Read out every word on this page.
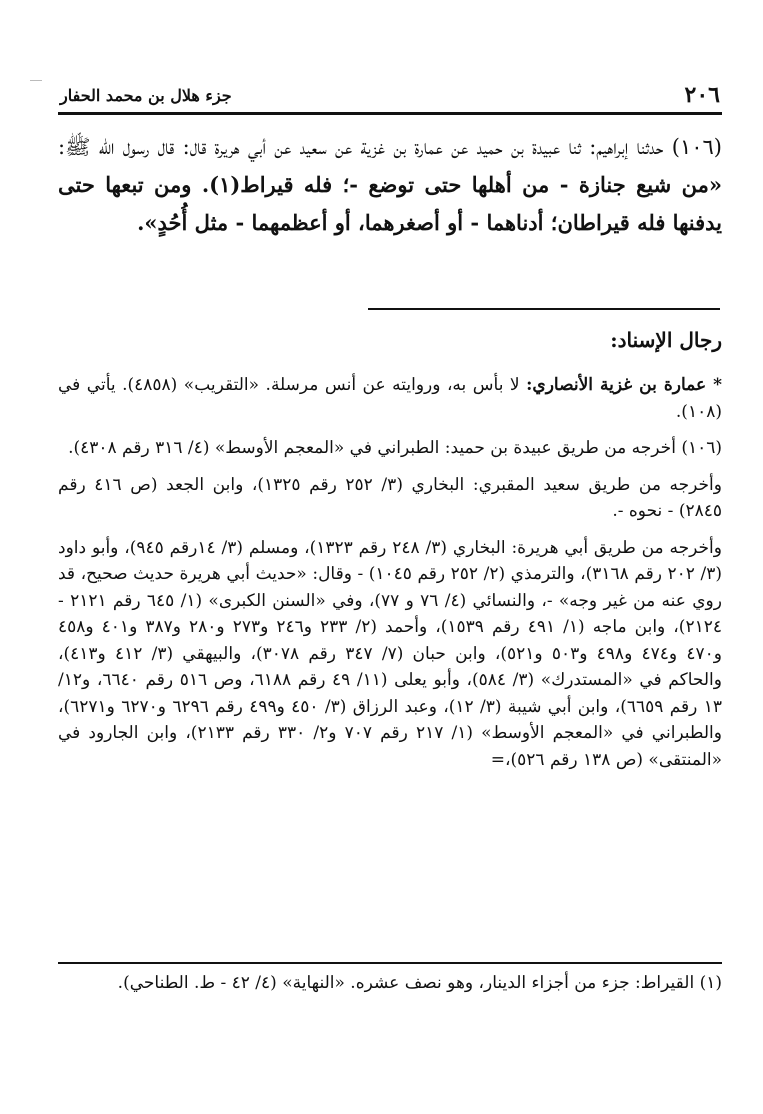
٢٠٦
جزء هلال بن محمد الحفار
(١٠٦) حدثنا إبراهيم: ثنا عبيدة بن حميد عن عمارة بن غزية عن سعيد عن أبي هريرة قال: قال رسول الله ﷺ: «من شيع جنازة - من أهلها حتى توضع -؛ فله قيراط(١). ومن تبعها حتى يدفنها فله قيراطان؛ أدناهما - أو أصغرهما، أو أعظمهما - مثل أُحُدٍ».
رجال الإسناد:

* عمارة بن غزية الأنصاري: لا بأس به، وروايته عن أنس مرسلة. «التقريب» (٤٨٥٨). يأتي في (١٠٨).

(١٠٦) أخرجه من طريق عبيدة بن حميد: الطبراني في «المعجم الأوسط» (٤/ ٣١٦ رقم ٤٣٠٨).

وأخرجه من طريق سعيد المقبري: البخاري (٣/ ٢٥٢ رقم ١٣٢٥)، وابن الجعد (ص ٤١٦ رقم ٢٨٤٥) - نحوه -.

وأخرجه من طريق أبي هريرة: البخاري (٣/ ٢٤٨ رقم ١٣٢٣)، ومسلم (٣/ ١٤رقم ٩٤٥)، وأبو داود (٣/ ٢٠٢ رقم ٣١٦٨)، والترمذي (٢/ ٢٥٢ رقم ١٠٤٥) - وقال: «حديث أبي هريرة حديث صحيح، قد روي عنه من غير وجه» -، والنسائي (٤/ ٧٦ و ٧٧)، وفي «السنن الكبرى» (١/ ٦٤٥ رقم ٢١٢١ - ٢١٢٤)، وابن ماجه (١/ ٤٩١ رقم ١٥٣٩)، وأحمد (٢/ ٢٣٣ و٢٤٦ و٢٧٣ و٢٨٠ و٣٨٧ و٤٠١ و٤٥٨ و٤٧٠ و٤٧٤ و٤٩٨ و٥٠٣ و٥٢١)، وابن حبان (٧/ ٣٤٧ رقم ٣٠٧٨)، والبيهقي (٣/ ٤١٢ و٤١٣)، والحاكم في «المستدرك» (٣/ ٥٨٤)، وأبو يعلى (١١/ ٤٩ رقم ٦١٨٨، وص ٥١٦ رقم ٦٦٤٠، و١٢/ ١٣ رقم ٦٦٥٩)، وابن أبي شيبة (٣/ ١٢)، وعبد الرزاق (٣/ ٤٥٠ و٤٩٩ رقم ٦٢٩٦ و٦٢٧٠ و٦٢٧١)، والطبراني في «المعجم الأوسط» (١/ ٢١٧ رقم ٧٠٧ و٢/ ٣٣٠ رقم ٢١٣٣)، وابن الجارود في «المنتقى» (ص ١٣٨ رقم ٥٢٦)،=

(١) القيراط: جزء من أجزاء الدينار، وهو نصف عشره. «النهاية» (٤/ ٤٢ - ط. الطناحي).
